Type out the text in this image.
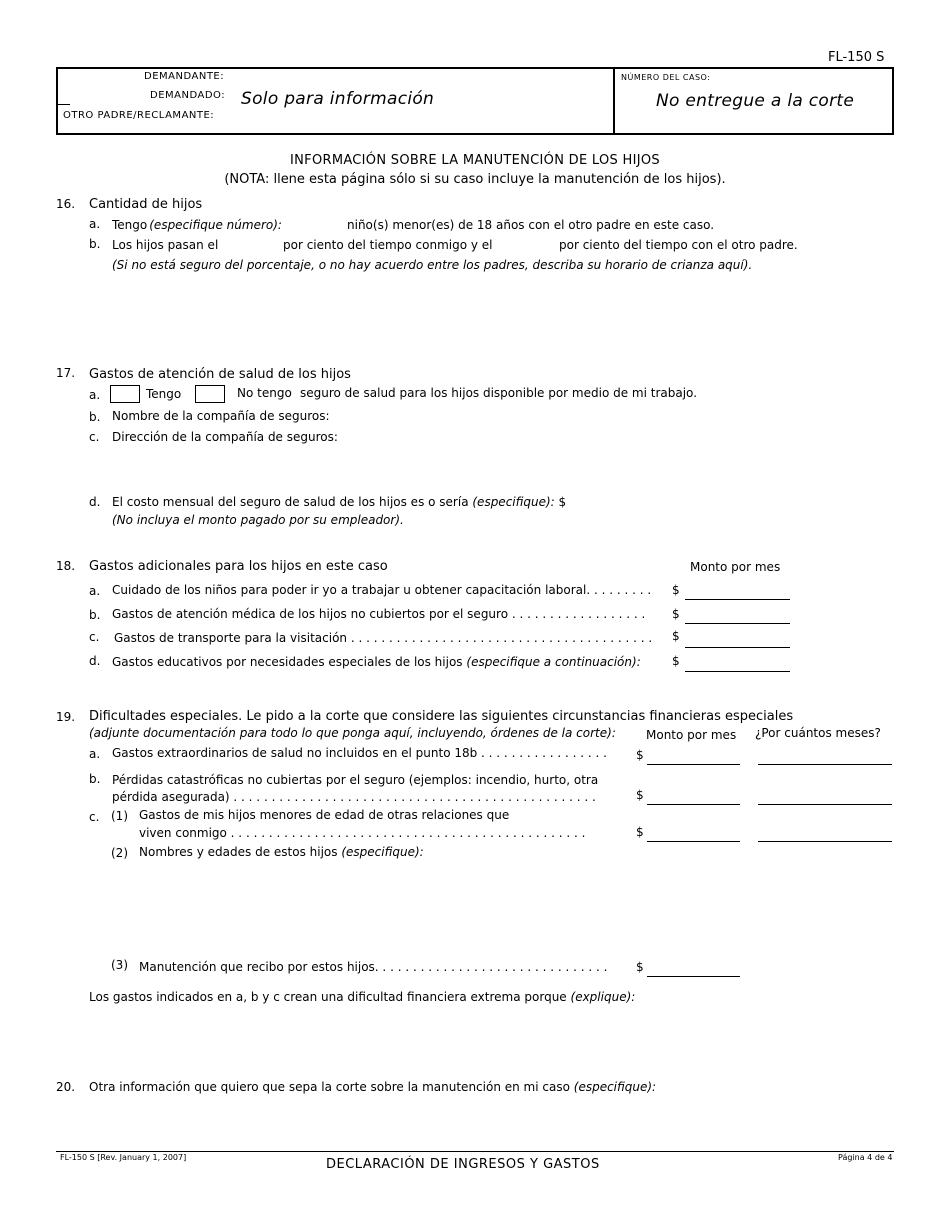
FL-150 S
DEMANDANTE:
DEMANDADO:
OTRO PADRE/RECLAMANTE:
Solo para información
NÚMERO DEL CASO:
No entregue a la corte
INFORMACIÓN SOBRE LA MANUTENCIÓN DE LOS HIJOS
(NOTA: llene esta página sólo si su caso incluye la manutención de los hijos).
16. Cantidad de hijos
a. Tengo (especifique número):	niño(s) menor(es) de 18 años con el otro padre en este caso.
b. Los hijos pasan el	por ciento del tiempo conmigo y el	por ciento del tiempo con el otro padre.
(Si no está seguro del porcentaje, o no hay acuerdo entre los padres, describa su horario de crianza aquí).
17. Gastos de atención de salud de los hijos
a.	Tengo	No tengo seguro de salud para los hijos disponible por medio de mi trabajo.
b. Nombre de la compañía de seguros:
c. Dirección de la compañía de seguros:
d. El costo mensual del seguro de salud de los hijos es o sería (especifique): $
(No incluya el monto pagado por su empleador).
18. Gastos adicionales para los hijos en este caso	Monto por mes
a. Cuidado de los niños para poder ir yo a trabajar u obtener capacitación laboral. . . . . . . . . $
b. Gastos de atención médica de los hijos no cubiertos por el seguro . . . . . . . . . . . . . . . . . . $
c. Gastos de transporte para la visitación . . . . . . . . . . . . . . . . . . . . . . . . . . . . . . . . . . . . . . . . $
d. Gastos educativos por necesidades especiales de los hijos (especifique a continuación):	$
19. Dificultades especiales. Le pido a la corte que considere las siguientes circunstancias financieras especiales
(adjunte documentación para todo lo que ponga aquí, incluyendo, órdenes de la corte):	Monto por mes ¿Por cuántos meses?
a. Gastos extraordinarios de salud no incluidos en el punto 18b . . . . . . . . . . . . . . . . . $
b. Pérdidas catastróficas no cubiertas por el seguro (ejemplos: incendio, hurto, otra
pérdida asegurada) . . . . . . . . . . . . . . . . . . . . . . . . . . . . . . . . . . . . . . . . . . . . . . . .	$
c. (1) Gastos de mis hijos menores de edad de otras relaciones que
viven conmigo . . . . . . . . . . . . . . . . . . . . . . . . . . . . . . . . . . . . . . . . . . . . . . .	$
(2) Nombres y edades de estos hijos (especifique):
(3) Manutención que recibo por estos hijos. . . . . . . . . . . . . . . . . . . . . . . . . . . . . . . $
Los gastos indicados en a, b y c crean una dificultad financiera extrema porque (explique):
20. Otra información que quiero que sepa la corte sobre la manutención en mi caso (especifique):
FL-150 S [Rev. January 1, 2007]	DECLARACIÓN DE INGRESOS Y GASTOS	Página 4 de 4
